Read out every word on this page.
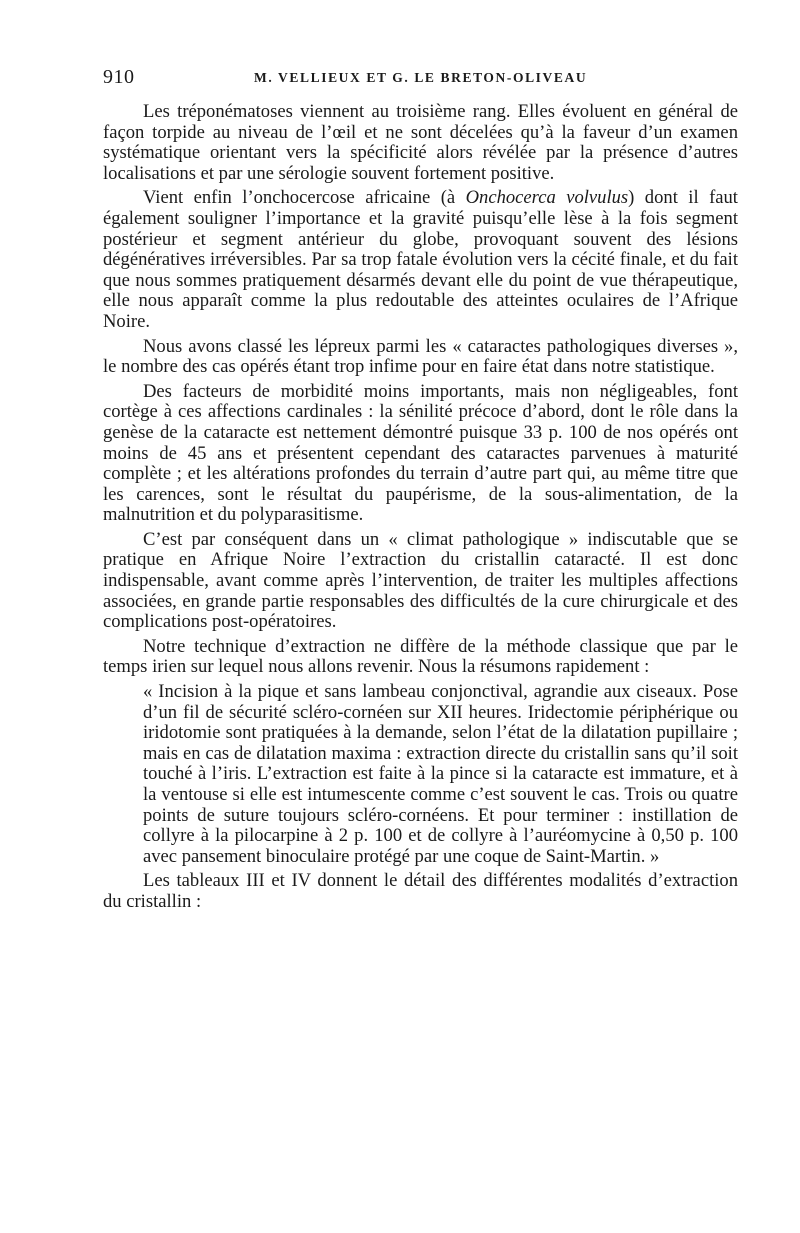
910	M. VELLIEUX ET G. LE BRETON-OLIVEAU

Les tréponématoses viennent au troisième rang. Elles évoluent en général de façon torpide au niveau de l’œil et ne sont décelées qu’à la faveur d’un examen systématique orientant vers la spécificité alors révélée par la présence d’autres localisations et par une sérologie souvent fortement positive.

Vient enfin l’onchocercose africaine (à Onchocerca volvulus) dont il faut également souligner l’importance et la gravité puisqu’elle lèse à la fois segment postérieur et segment antérieur du globe, provoquant souvent des lésions dégénératives irréversibles. Par sa trop fatale évolution vers la cécité finale, et du fait que nous sommes pratiquement désarmés devant elle du point de vue thérapeutique, elle nous apparaît comme la plus redoutable des atteintes oculaires de l’Afrique Noire.

Nous avons classé les lépreux parmi les « cataractes pathologiques diverses », le nombre des cas opérés étant trop infime pour en faire état dans notre statistique.

Des facteurs de morbidité moins importants, mais non négligeables, font cortège à ces affections cardinales : la sénilité précoce d’abord, dont le rôle dans la genèse de la cataracte est nettement démontré puisque 33 p. 100 de nos opérés ont moins de 45 ans et présentent cependant des cataractes parvenues à maturité complète ; et les altérations profondes du terrain d’autre part qui, au même titre que les carences, sont le résultat du paupérisme, de la sous-alimentation, de la malnutrition et du polyparasitisme.

C’est par conséquent dans un « climat pathologique » indiscutable que se pratique en Afrique Noire l’extraction du cristallin cataracté. Il est donc indispensable, avant comme après l’intervention, de traiter les multiples affections associées, en grande partie responsables des difficultés de la cure chirurgicale et des complications post-opératoires.

Notre technique d’extraction ne diffère de la méthode classique que par le temps irien sur lequel nous allons revenir. Nous la résumons rapidement :

« Incision à la pique et sans lambeau conjonctival, agrandie aux ciseaux. Pose d’un fil de sécurité scléro-cornéen sur XII heures. Iridectomie périphérique ou iridotomie sont pratiquées à la demande, selon l’état de la dilatation pupillaire ; mais en cas de dilatation maxima : extraction directe du cristallin sans qu’il soit touché à l’iris. L’extraction est faite à la pince si la cataracte est immature, et à la ventouse si elle est intumescente comme c’est souvent le cas. Trois ou quatre points de suture toujours scléro-cornéens. Et pour terminer : instillation de collyre à la pilocarpine à 2 p. 100 et de collyre à l’auréomycine à 0,50 p. 100 avec pansement binoculaire protégé par une coque de Saint-Martin. »

Les tableaux III et IV donnent le détail des différentes modalités d’extraction du cristallin :
